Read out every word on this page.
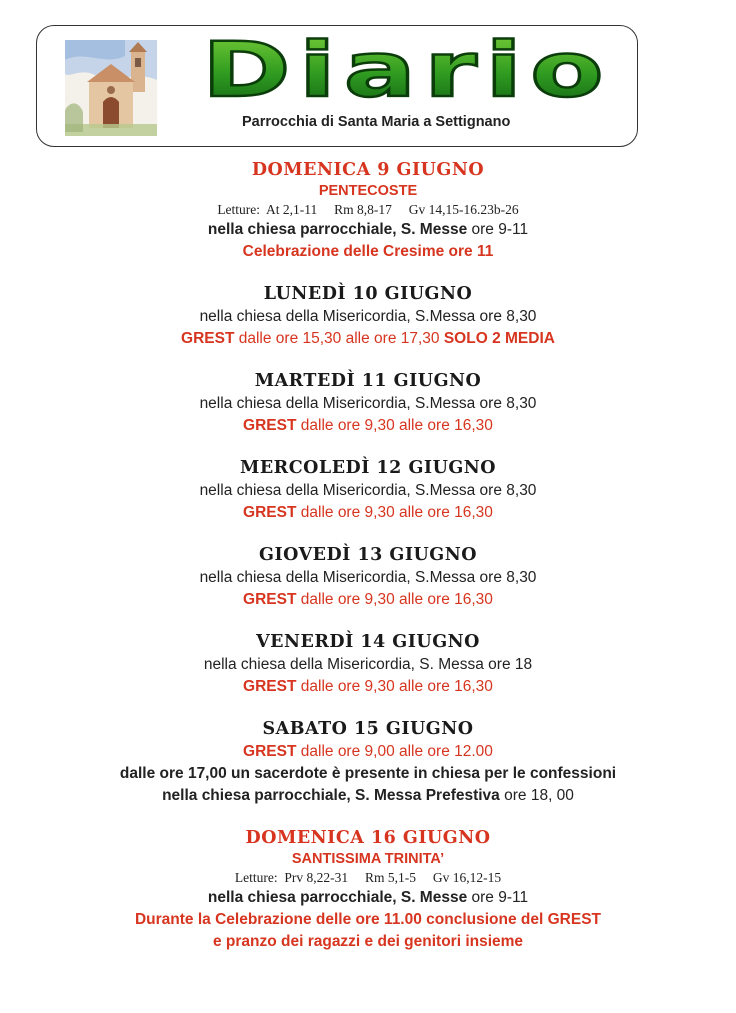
Diario
Parrocchia di Santa Maria a Settignano
DOMENICA 9 GIUGNO
PENTECOSTE
Letture:  At 2,1-11     Rm 8,8-17     Gv 14,15-16.23b-26
nella chiesa parrocchiale, S. Messe ore 9-11
Celebrazione delle Cresime ore 11
LUNEDÌ 10 GIUGNO
nella chiesa della Misericordia, S.Messa ore 8,30
GREST dalle ore 15,30 alle ore 17,30 SOLO 2 MEDIA
MARTEDÌ 11 GIUGNO
nella chiesa della Misericordia, S.Messa ore 8,30
GREST dalle ore 9,30 alle ore 16,30
MERCOLEDÌ 12 GIUGNO
nella chiesa della Misericordia, S.Messa ore 8,30
GREST dalle ore 9,30 alle ore 16,30
GIOVEDÌ 13 GIUGNO
nella chiesa della Misericordia, S.Messa ore 8,30
GREST dalle ore 9,30 alle ore 16,30
VENERDÌ 14 GIUGNO
nella chiesa della Misericordia, S. Messa ore 18
GREST dalle ore 9,30 alle ore 16,30
SABATO 15 GIUGNO
GREST dalle ore 9,00 alle ore 12.00
dalle ore 17,00 un sacerdote è presente in chiesa per le confessioni
nella chiesa parrocchiale, S. Messa Prefestiva ore 18, 00
DOMENICA 16 GIUGNO
SANTISSIMA TRINITA’
Letture:  Prv 8,22-31     Rm 5,1-5     Gv 16,12-15
nella chiesa parrocchiale, S. Messe ore 9-11
Durante la Celebrazione delle ore 11.00 conclusione del GREST
e pranzo dei ragazzi e dei genitori insieme
